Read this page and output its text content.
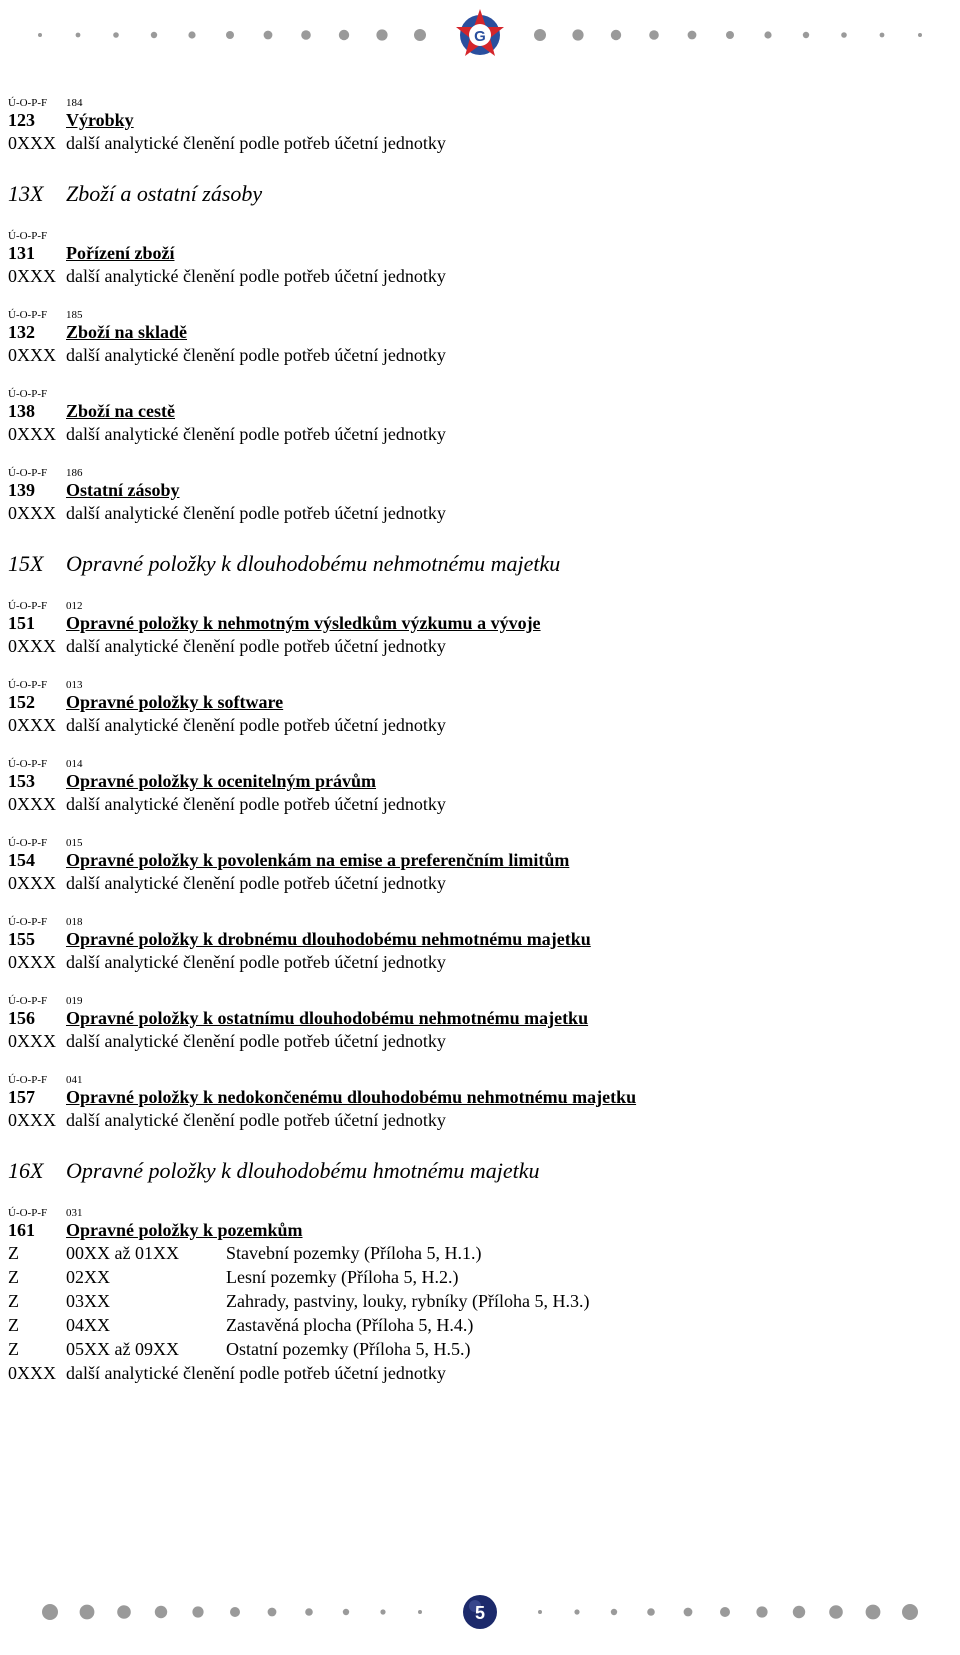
G
Ú-O-P-F 184
123 Výrobky
0XXX další analytické členění podle potřeb účetní jednotky
13X Zboží a ostatní zásoby
Ú-O-P-F
131 Pořízení zboží
0XXX další analytické členění podle potřeb účetní jednotky
Ú-O-P-F 185
132 Zboží na skladě
0XXX další analytické členění podle potřeb účetní jednotky
Ú-O-P-F
138 Zboží na cestě
0XXX další analytické členění podle potřeb účetní jednotky
Ú-O-P-F 186
139 Ostatní zásoby
0XXX další analytické členění podle potřeb účetní jednotky
15X Opravné položky k dlouhodobému nehmotnému majetku
Ú-O-P-F 012
151 Opravné položky k nehmotným výsledkům výzkumu a vývoje
0XXX další analytické členění podle potřeb účetní jednotky
Ú-O-P-F 013
152 Opravné položky k software
0XXX další analytické členění podle potřeb účetní jednotky
Ú-O-P-F 014
153 Opravné položky k ocenitelným právům
0XXX další analytické členění podle potřeb účetní jednotky
Ú-O-P-F 015
154 Opravné položky k povolenkám na emise a preferenčním limitům
0XXX další analytické členění podle potřeb účetní jednotky
Ú-O-P-F 018
155 Opravné položky k drobnému dlouhodobému nehmotnému majetku
0XXX další analytické členění podle potřeb účetní jednotky
Ú-O-P-F 019
156 Opravné položky k ostatnímu dlouhodobému nehmotnému majetku
0XXX další analytické členění podle potřeb účetní jednotky
Ú-O-P-F 041
157 Opravné položky k nedokončenému dlouhodobému nehmotnému majetku
0XXX další analytické členění podle potřeb účetní jednotky
16X Opravné položky k dlouhodobému hmotnému majetku
Ú-O-P-F 031
161 Opravné položky k pozemkům
Z	00XX až 01XX	Stavební pozemky (Příloha 5, H.1.)
Z	02XX	Lesní pozemky (Příloha 5, H.2.)
Z	03XX	Zahrady, pastviny, louky, rybníky (Příloha 5, H.3.)
Z	04XX	Zastavěná plocha (Příloha 5, H.4.)
Z	05XX až 09XX	Ostatní pozemky (Příloha 5, H.5.)
0XXX další analytické členění podle potřeb účetní jednotky
5
